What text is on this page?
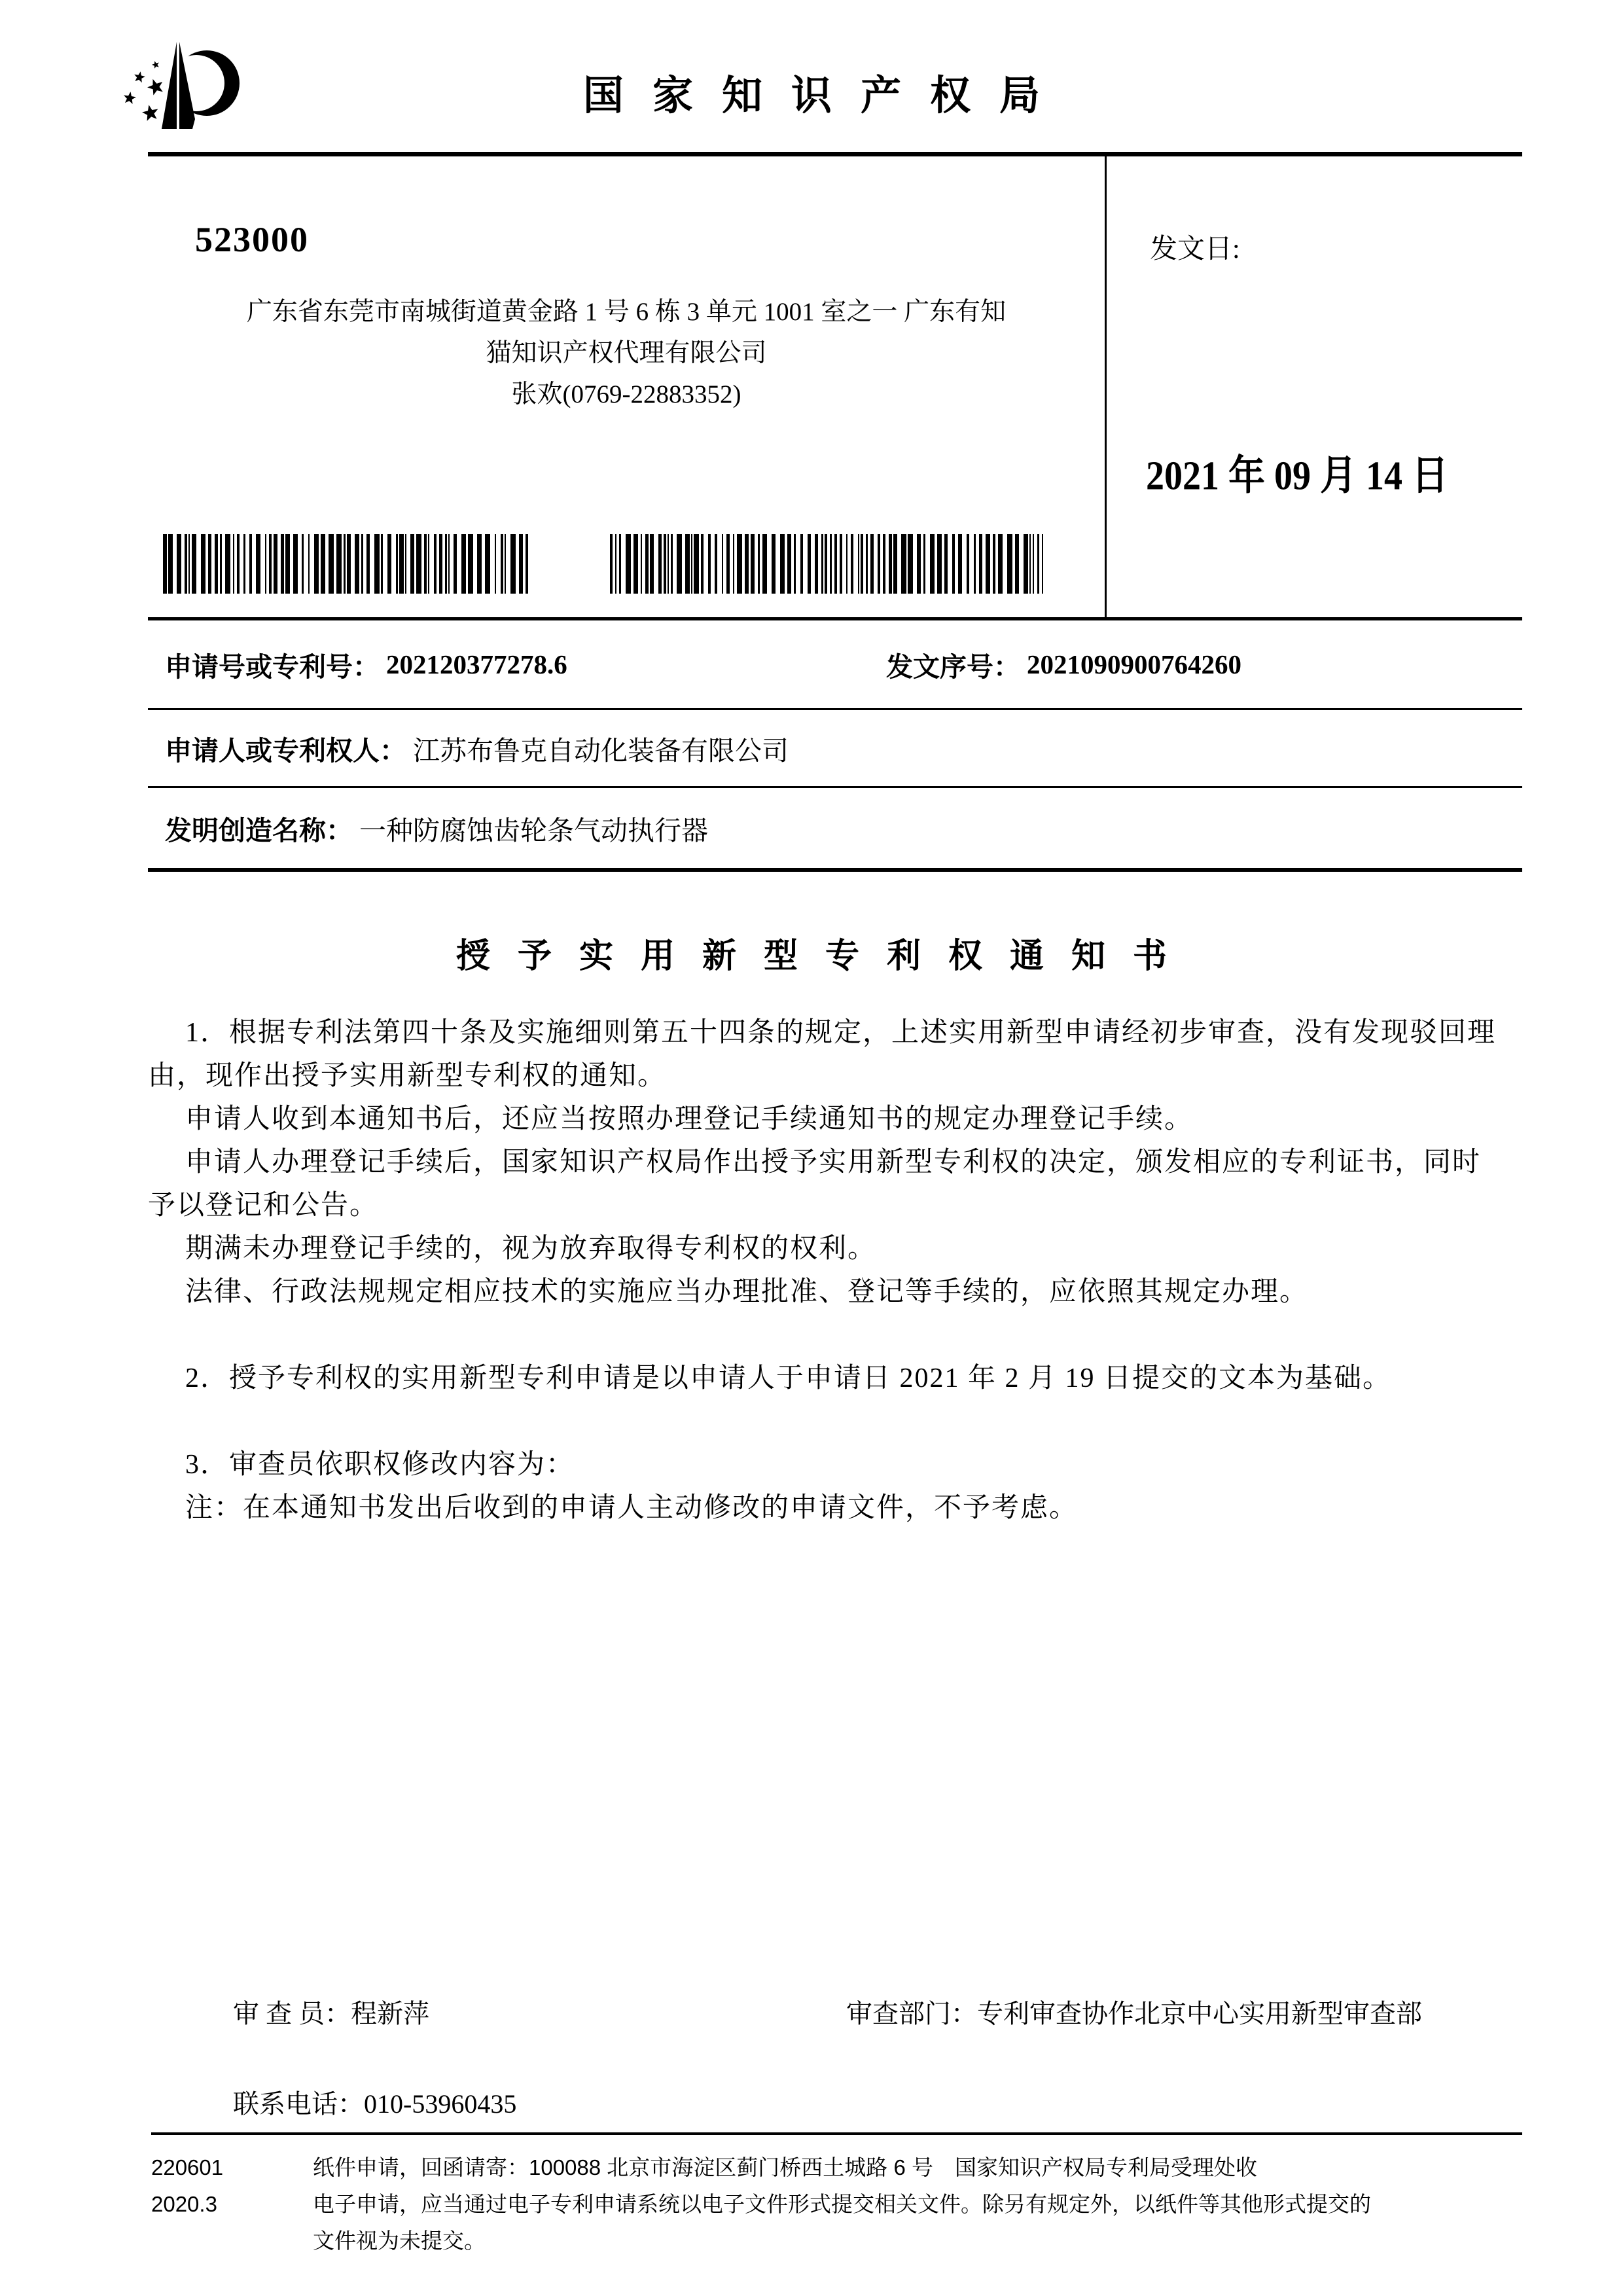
国家知识产权局
523000
广东省东莞市南城街道黄金路 1 号 6 栋 3 单元 1001 室之一 广东有知
猫知识产权代理有限公司
张欢(0769-22883352)
发文日:
2021 年 09 月 14 日
申请号或专利号： 202120377278.6	发文序号： 2021090900764260
申请人或专利权人： 江苏布鲁克自动化装备有限公司
发明创造名称： 一种防腐蚀齿轮条气动执行器
授予实用新型专利权通知书
1．根据专利法第四十条及实施细则第五十四条的规定，上述实用新型申请经初步审查，没有发现驳回理
由，现作出授予实用新型专利权的通知。
申请人收到本通知书后，还应当按照办理登记手续通知书的规定办理登记手续。
申请人办理登记手续后，国家知识产权局作出授予实用新型专利权的决定，颁发相应的专利证书，同时
予以登记和公告。
期满未办理登记手续的，视为放弃取得专利权的权利。
法律、行政法规规定相应技术的实施应当办理批准、登记等手续的，应依照其规定办理。
2．授予专利权的实用新型专利申请是以申请人于申请日 2021 年 2 月 19 日提交的文本为基础。
3．审查员依职权修改内容为：
注：在本通知书发出后收到的申请人主动修改的申请文件，不予考虑。
审 查 员：程新萍	审查部门：专利审查协作北京中心实用新型审查部
联系电话：010-53960435
220601
2020.3
纸件申请，回函请寄：100088 北京市海淀区蓟门桥西土城路 6 号　国家知识产权局专利局受理处收
电子申请，应当通过电子专利申请系统以电子文件形式提交相关文件。除另有规定外，以纸件等其他形式提交的
文件视为未提交。
